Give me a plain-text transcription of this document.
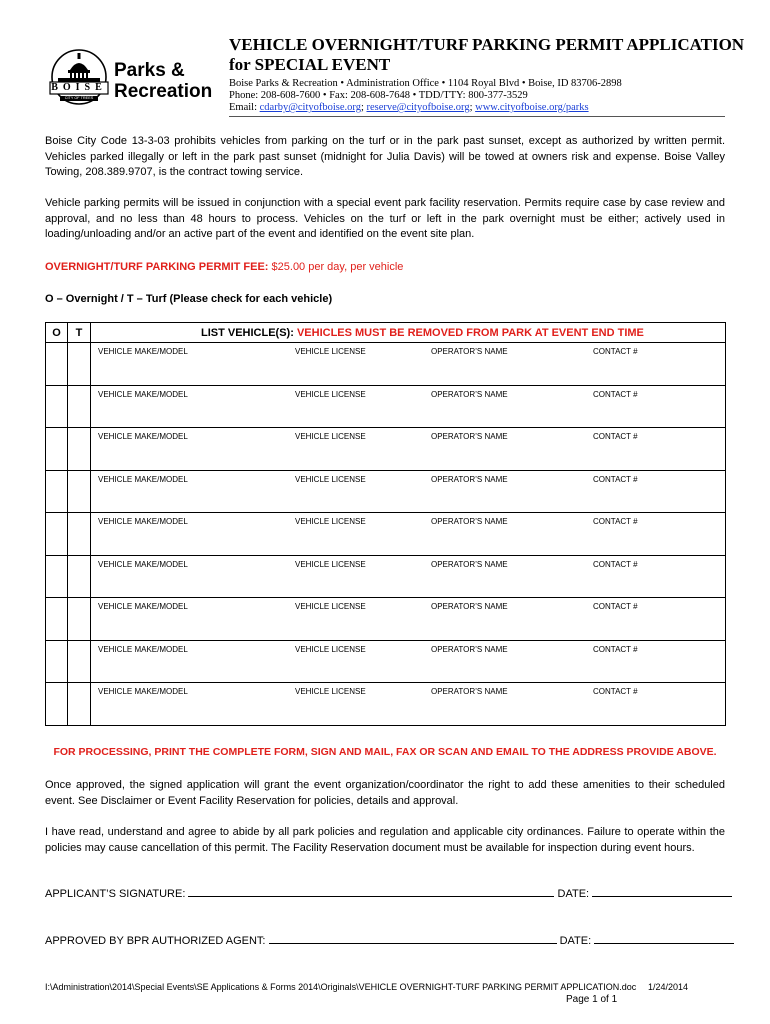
BOISE
CITY OF TREES
Parks &
Recreation
VEHICLE OVERNIGHT/TURF PARKING PERMIT APPLICATION
for SPECIAL EVENT
Boise Parks & Recreation • Administration Office • 1104 Royal Blvd • Boise, ID 83706-2898
Phone: 208-608-7600 • Fax: 208-608-7648 • TDD/TTY: 800-377-3529
Email: cdarby@cityofboise.org; reserve@cityofboise.org; www.cityofboise.org/parks
Boise City Code 13-3-03 prohibits vehicles from parking on the turf or in the park past sunset, except as authorized by written permit. Vehicles parked illegally or left in the park past sunset (midnight for Julia Davis) will be towed at owners risk and expense. Boise Valley Towing, 208.389.9707, is the contract towing service.
Vehicle parking permits will be issued in conjunction with a special event park facility reservation. Permits require case by case review and approval, and no less than 48 hours to process. Vehicles on the turf or left in the park overnight must be either; actively used in loading/unloading and/or an active part of the event and identified on the event site plan.
OVERNIGHT/TURF PARKING PERMIT FEE: $25.00 per day, per vehicle
O – Overnight / T – Turf (Please check for each vehicle)
O	T	LIST VEHICLE(S): VEHICLES MUST BE REMOVED FROM PARK AT EVENT END TIME

		VEHICLE MAKE/MODEL VEHICLE LICENSE OPERATOR’S NAME CONTACT #

		VEHICLE MAKE/MODEL VEHICLE LICENSE OPERATOR’S NAME CONTACT #

		VEHICLE MAKE/MODEL VEHICLE LICENSE OPERATOR’S NAME CONTACT #

		VEHICLE MAKE/MODEL VEHICLE LICENSE OPERATOR’S NAME CONTACT #

		VEHICLE MAKE/MODEL VEHICLE LICENSE OPERATOR’S NAME CONTACT #

		VEHICLE MAKE/MODEL VEHICLE LICENSE OPERATOR’S NAME CONTACT #

		VEHICLE MAKE/MODEL VEHICLE LICENSE OPERATOR’S NAME CONTACT #

		VEHICLE MAKE/MODEL VEHICLE LICENSE OPERATOR’S NAME CONTACT #

		VEHICLE MAKE/MODEL VEHICLE LICENSE OPERATOR’S NAME CONTACT #
FOR PROCESSING, PRINT THE COMPLETE FORM, SIGN AND MAIL, FAX OR SCAN AND EMAIL TO THE ADDRESS PROVIDE ABOVE.
Once approved, the signed application will grant the event organization/coordinator the right to add these amenities to their scheduled event. See Disclaimer or Event Facility Reservation for policies, details and approval.
I have read, understand and agree to abide by all park policies and regulation and applicable city ordinances. Failure to operate within the policies may cause cancellation of this permit. The Facility Reservation document must be available for inspection during event hours.
APPLICANT’S SIGNATURE:	DATE:
APPROVED BY BPR AUTHORIZED AGENT:	DATE:
I:\Administration\2014\Special Events\SE Applications & Forms 2014\Originals\VEHICLE OVERNIGHT-TURF PARKING PERMIT APPLICATION.doc 1/24/2014
Page 1 of 1
